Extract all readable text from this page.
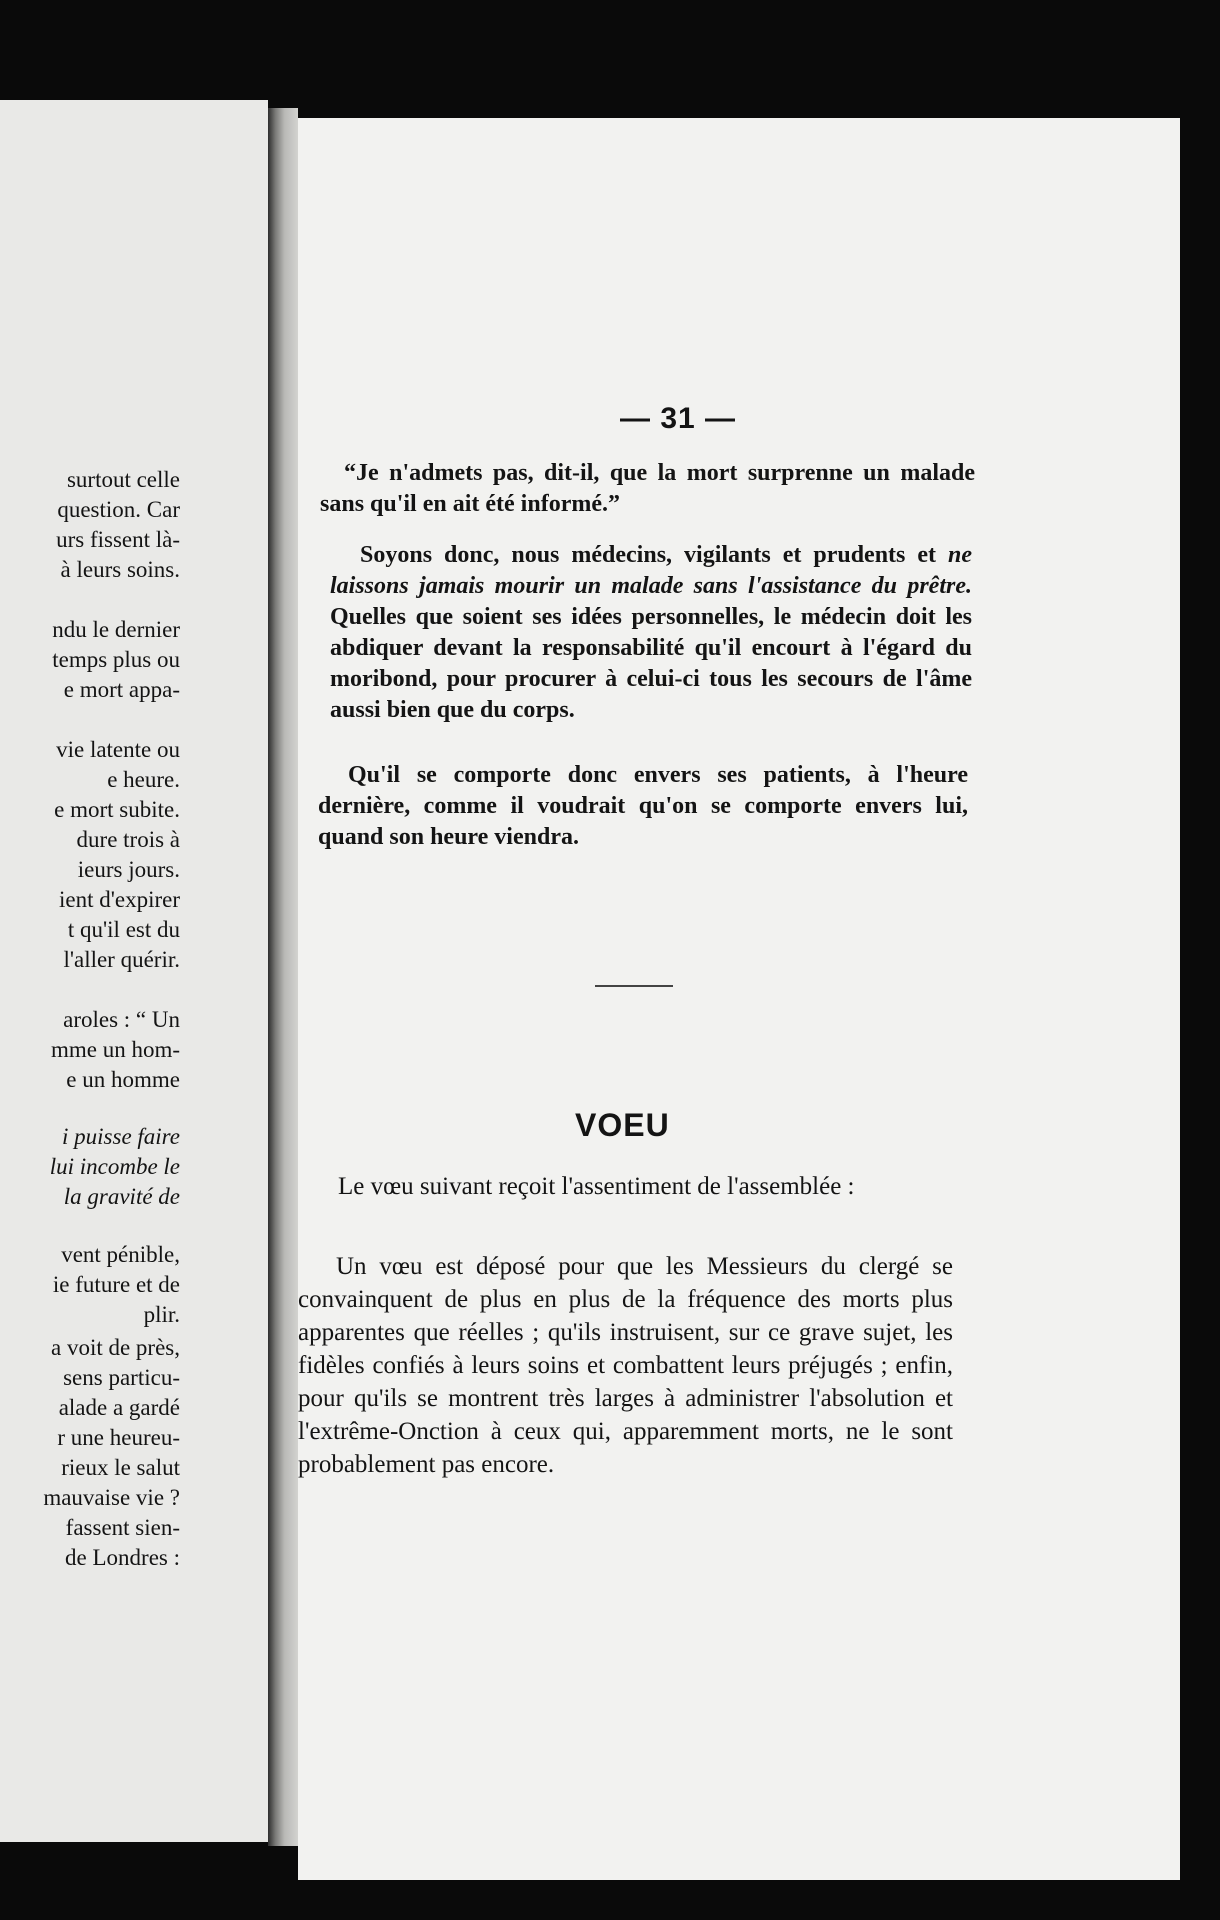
surtout celle
question. Car
urs fissent là-
à leurs soins.
ndu le dernier
temps plus ou
e mort appa-
vie latente ou
e heure.
e mort subite.
dure trois à
ieurs jours.
ient d'expirer
t qu'il est du
l'aller quérir.
aroles : “ Un
mme un hom-
e un homme
i puisse faire
lui incombe le
la gravité de
vent pénible,
ie future et de
plir.
a voit de près,
sens particu-
alade a gardé
r une heureu-
rieux le salut
mauvaise vie ?
fassent sien-
de Londres :
— 31 —
“Je n'admets pas, dit-il, que la mort surprenne un malade sans qu'il en ait été informé.”
Soyons donc, nous médecins, vigilants et prudents et ne laissons jamais mourir un malade sans l'assistance du prêtre. Quelles que soient ses idées personnelles, le médecin doit les abdiquer devant la responsabilité qu'il encourt à l'égard du moribond, pour procurer à celui-ci tous les secours de l'âme aussi bien que du corps.
Qu'il se comporte donc envers ses patients, à l'heure dernière, comme il voudrait qu'on se comporte envers lui, quand son heure viendra.
VOEU
Le vœu suivant reçoit l'assentiment de l'assemblée :
Un vœu est déposé pour que les Messieurs du clergé se convainquent de plus en plus de la fréquence des morts plus apparentes que réelles ; qu'ils instruisent, sur ce grave sujet, les fidèles confiés à leurs soins et combattent leurs préjugés ; enfin, pour qu'ils se montrent très larges à administrer l'absolution et l'extrême-Onction à ceux qui, apparemment morts, ne le sont probablement pas encore.
